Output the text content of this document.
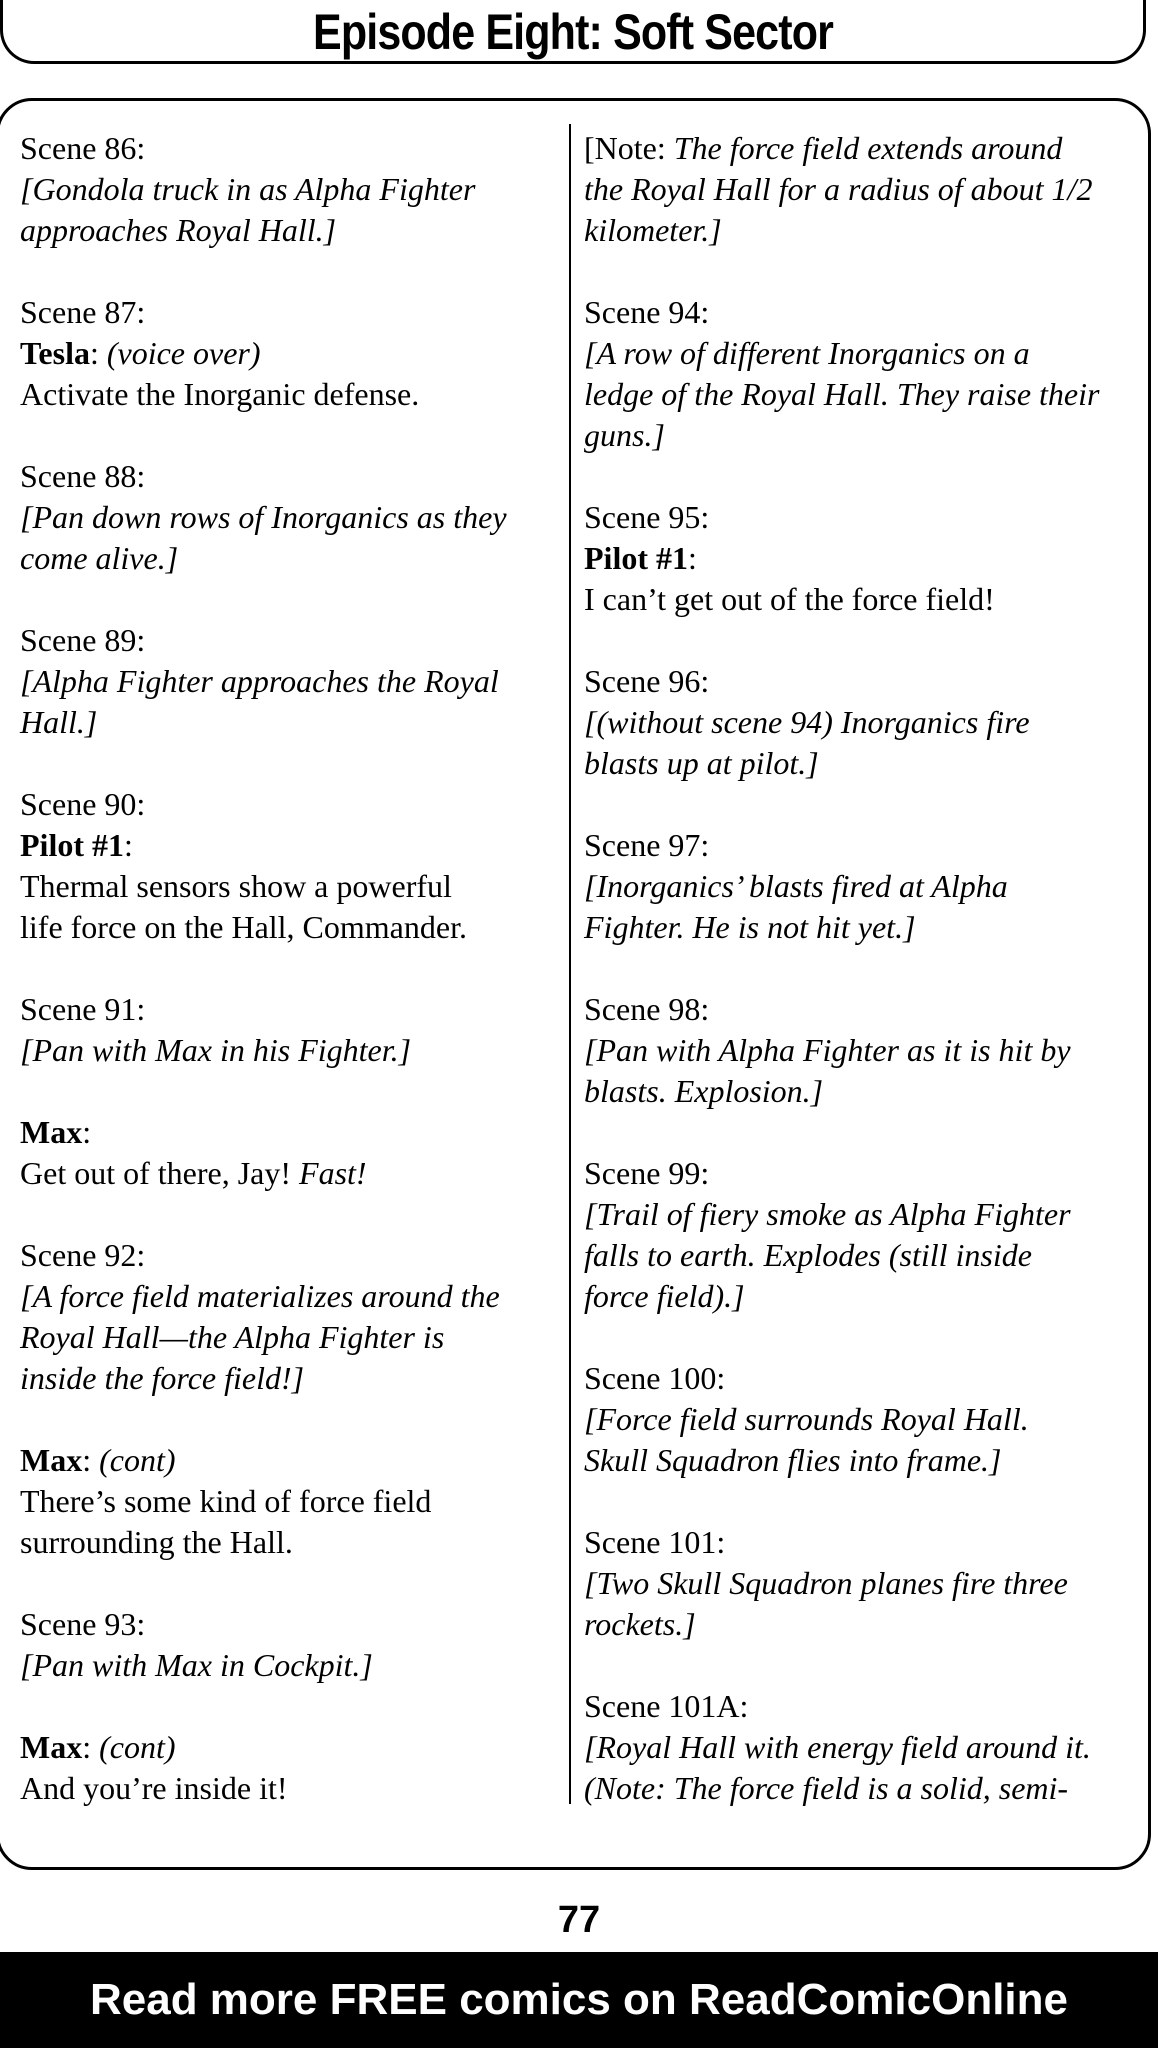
Episode Eight: Soft Sector
Scene 86:
[Gondola truck in as Alpha Fighter
approaches Royal Hall.]
Scene 87:
Tesla: (voice over)
Activate the Inorganic defense.
Scene 88:
[Pan down rows of Inorganics as they
come alive.]
Scene 89:
[Alpha Fighter approaches the Royal
Hall.]
Scene 90:
Pilot #1:
Thermal sensors show a powerful
life force on the Hall, Commander.
Scene 91:
[Pan with Max in his Fighter.]
Max:
Get out of there, Jay! Fast!
Scene 92:
[A force field materializes around the
Royal Hall—the Alpha Fighter is
inside the force field!]
Max: (cont)
There’s some kind of force field
surrounding the Hall.
Scene 93:
[Pan with Max in Cockpit.]
Max: (cont)
And you’re inside it!
[Note: The force field extends around
the Royal Hall for a radius of about 1/2
kilometer.]
Scene 94:
[A row of different Inorganics on a
ledge of the Royal Hall. They raise their
guns.]
Scene 95:
Pilot #1:
I can’t get out of the force field!
Scene 96:
[(without scene 94) Inorganics fire
blasts up at pilot.]
Scene 97:
[Inorganics’ blasts fired at Alpha
Fighter. He is not hit yet.]
Scene 98:
[Pan with Alpha Fighter as it is hit by
blasts. Explosion.]
Scene 99:
[Trail of fiery smoke as Alpha Fighter
falls to earth. Explodes (still inside
force field).]
Scene 100:
[Force field surrounds Royal Hall.
Skull Squadron flies into frame.]
Scene 101:
[Two Skull Squadron planes fire three
rockets.]
Scene 101A:
[Royal Hall with energy field around it.
(Note: The force field is a solid, semi-
77
Read more FREE comics on ReadComicOnline
